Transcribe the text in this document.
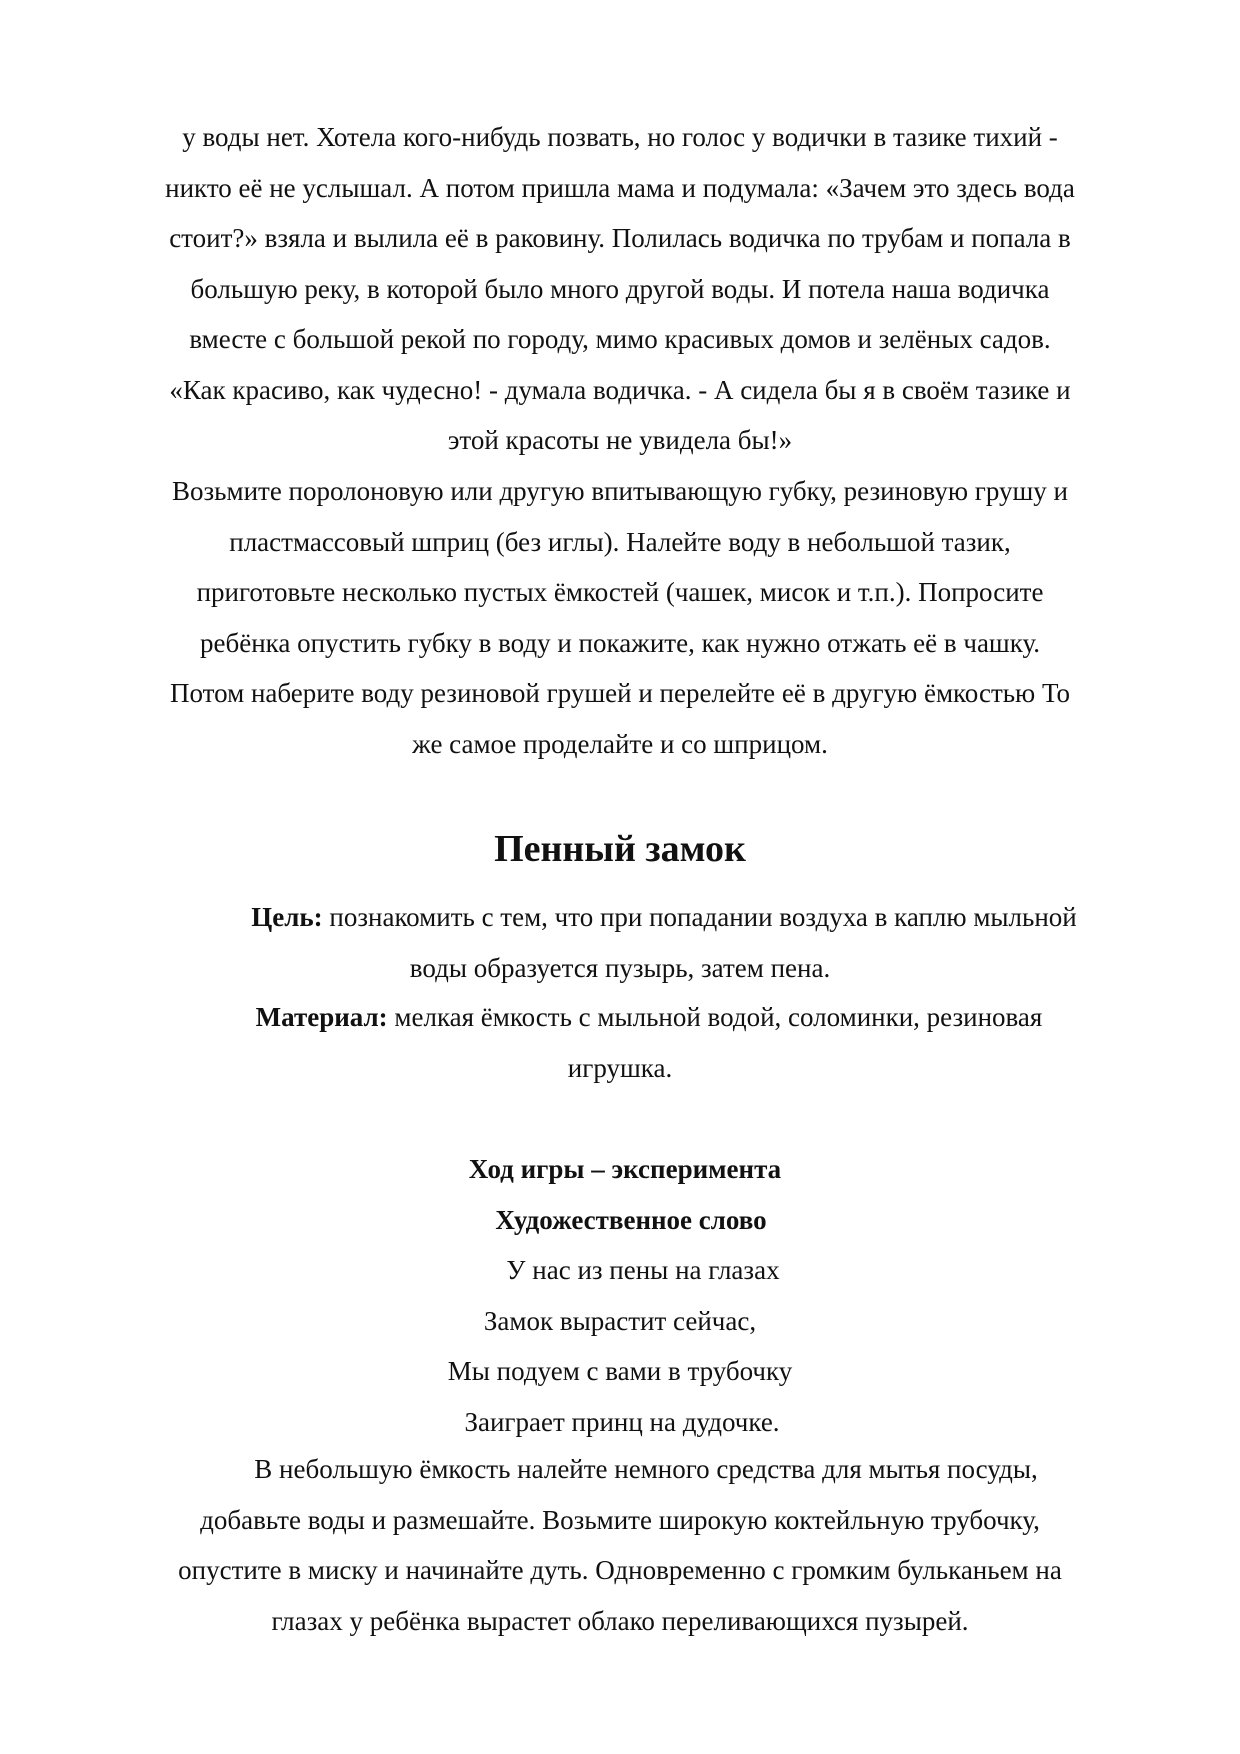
у воды нет. Хотела кого-нибудь позвать, но голос у водички в тазике тихий -
никто её не услышал. А потом пришла мама и подумала: «Зачем это здесь вода
стоит?» взяла и вылила её в раковину. Полилась водичка по трубам и попала в
большую реку, в которой было много другой воды. И потела наша водичка
вместе с большой рекой по городу, мимо красивых домов и зелёных садов.
«Как красиво, как чудесно! - думала водичка. - А сидела бы я в своём тазике и
этой красоты не увидела бы!»
Возьмите поролоновую или другую впитывающую губку, резиновую грушу и
пластмассовый шприц (без иглы). Налейте воду в небольшой тазик,
приготовьте несколько пустых ёмкостей (чашек, мисок и т.п.). Попросите
ребёнка опустить губку в воду и покажите, как нужно отжать её в чашку.
Потом наберите воду резиновой грушей и перелейте её в другую ёмкостью То
же самое проделайте и со шприцом.
Пенный замок
Цель: познакомить с тем, что при попадании воздуха в каплю мыльной
воды образуется пузырь, затем пена.
Материал: мелкая ёмкость с мыльной водой, соломинки, резиновая
игрушка.
Ход игры – эксперимента
Художественное слово
У нас из пены на глазах
Замок вырастит сейчас,
Мы подуем с вами в трубочку
Заиграет принц на дудочке.
В небольшую ёмкость налейте немного средства для мытья посуды,
добавьте воды и размешайте. Возьмите широкую коктейльную трубочку,
опустите в миску и начинайте дуть. Одновременно с громким бульканьем на
глазах у ребёнка вырастет облако переливающихся пузырей.
